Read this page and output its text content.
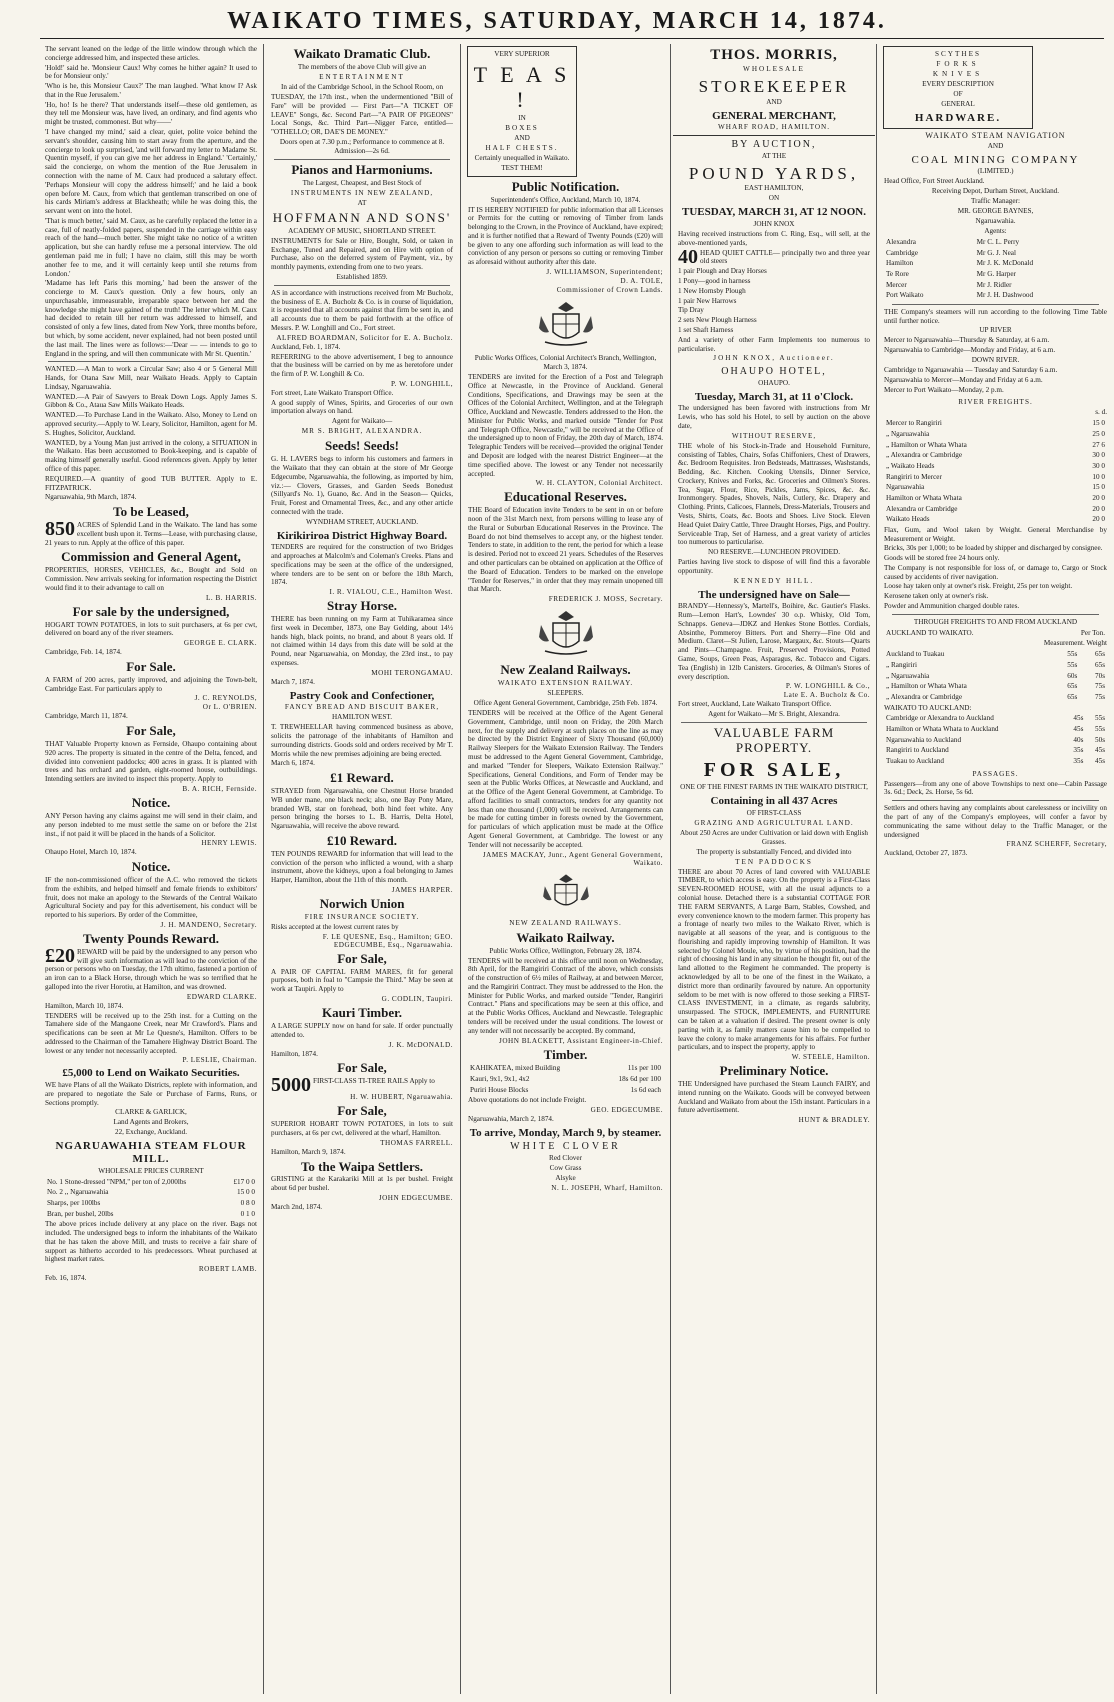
WAIKATO TIMES, SATURDAY, MARCH 14, 1874.

The servant leaned on the ledge of the little window through which the concierge addressed him, and inspected these articles.

'Hold!' said he. 'Monsieur Caux! Why comes he hither again? It used to be for Monsieur only.'

'Who is he, this Monsieur Caux?' The man laughed. 'What know I? Ask that in the Rue Jerusalem.'

'Ho, ho! Is he there? That understands itself—these old gentlemen, as they tell me Monsieur was, have lived, an ordinary, and find agents who might be trusted, commonest. But why——'

'I have changed my mind,' said a clear, quiet, polite voice behind the servant's shoulder, causing him to start away from the aperture, and the concierge to look up surprised, 'and will forward my letter to Madame St. Quentin myself, if you can give me her address in England.' 'Certainly,' said the concierge, on whom the mention of the Rue Jerusalem in connection with the name of M. Caux had produced a salutary effect. 'Perhaps Monsieur will copy the address himself;' and he laid a book open before M. Caux, from which that gentleman transcribed on one of his cards Miriam's address at Blackheath; while he was doing this, the servant went on into the hotel.

'That is much better,' said M. Caux, as he carefully replaced the letter in a case, full of neatly-folded papers, suspended in the carriage within easy reach of the hand—much better. She might take no notice of a written application, but she can hardly refuse me a personal interview. The old gentleman paid me in full; I have no claim, still this may be worth another fee to me, and it will certainly keep until she returns from London.'

'Madame has left Paris this morning,' had been the answer of the concierge to M. Caux's question. Only a few hours, only an unpurchasable, immeasurable, irreparable space between her and the knowledge she might have gained of the truth! The letter which M. Caux had decided to retain till her return was addressed to himself, and consisted of only a few lines, dated from New York, three months before, but which, by some accident, never explained, had not been posted until the last mail. The lines were as follows:—'Dear — — intends to go to England in the spring, and will then communicate with Mr St. Quentin.'

WANTED.—A Man to work a Circular Saw; also 4 or 5 General Mill Hands, for Otana Saw Mill, near Waikato Heads. Apply to Captain Lindsay, Ngaruawahia.

WANTED.—A Pair of Sawyers to Break Down Logs. Apply James S. Gibbon & Co., Ataua Saw Mills Waikato Heads.

WANTED.—To Purchase Land in the Waikato. Also, Money to Lend on approved security.—Apply to W. Leary, Solicitor, Hamilton, agent for M. S. Hughes, Solicitor, Auckland.

WANTED, by a Young Man just arrived in the colony, a SITUATION in the Waikato. Has been accustomed to Book-keeping, and is capable of making himself generally useful. Good references given. Apply by letter office of this paper.

REQUIRED.—A quantity of good TUB BUTTER. Apply to E. FITZPATRICK.

Ngaruawahia, 9th March, 1874.

To be Leased,

850 ACRES of Splendid Land in the Waikato. The land has some excellent bush upon it. Terms—Lease, with purchasing clause, 21 years to run. Apply at the office of this paper.

Commission and General Agent,

PROPERTIES, HORSES, VEHICLES, &c., Bought and Sold on Commission. New arrivals seeking for information respecting the District would find it to their advantage to call on

L. B. HARRIS.

For sale by the undersigned,

HOGART TOWN POTATOES, in lots to suit purchasers, at 6s per cwt, delivered on board any of the river steamers.

GEORGE E. CLARK.

Cambridge, Feb. 14, 1874.

For Sale.

A FARM of 200 acres, partly improved, and adjoining the Town-belt, Cambridge East. For particulars apply to

J. C. REYNOLDS,

Or L. O'BRIEN.

Cambridge, March 11, 1874.

For Sale,

THAT Valuable Property known as Fernside, Ohaupo containing about 920 acres. The property is situated in the centre of the Delta, fenced, and divided into convenient paddocks; 400 acres in grass. It is planted with trees and has orchard and garden, eight-roomed house, outbuildings. Intending settlers are invited to inspect this property. Apply to

B. A. RICH, Fernside.

Notice.

ANY Person having any claims against me will send in their claim, and any person indebted to me must settle the same on or before the 21st inst., if not paid it will be placed in the hands of a Solicitor.

HENRY LEWIS.

Ohaupo Hotel, March 10, 1874.

Notice.

IF the non-commissioned officer of the A.C. who removed the tickets from the exhibits, and helped himself and female friends to exhibitors' fruit, does not make an apology to the Stewards of the Central Waikato Agricultural Society and pay for this advertisement, his conduct will be reported to his superiors. By order of the Committee,

J. H. MANDENO, Secretary.

Twenty Pounds Reward.

£20 REWARD will be paid by the undersigned to any person who will give such information as will lead to the conviction of the person or persons who on Tuesday, the 17th ultimo, fastened a portion of an iron can to a Black Horse, through which he was so terrified that he galloped into the river Horotiu, at Hamilton, and was drowned.

EDWARD CLARKE.

Hamilton, March 10, 1874.

TENDERS will be received up to the 25th inst. for a Cutting on the Tamahere side of the Mangaone Creek, near Mr Crawford's. Plans and specifications can be seen at Mr Le Quesne's, Hamilton. Offers to be addressed to the Chairman of the Tamahere Highway District Board. The lowest or any tender not necessarily accepted.

P. LESLIE, Chairman.

£5,000 to Lend on Waikato Securities.

WE have Plans of all the Waikato Districts, replete with information, and are prepared to negotiate the Sale or Purchase of Farms, Runs, or Sections promptly.

CLARKE & GARLICK,

Land Agents and Brokers,

22, Exchange, Auckland.

NGARUAWAHIA STEAM FLOUR MILL.

WHOLESALE PRICES CURRENT

No. 1 Stone-dressed "NPM," per ton of 2,000lbs	£17 0 0
No. 2 ,, Ngaruawahia	15 0 0
Sharps, per 100lbs	0 8 0
Bran, per bushel, 20lbs	0 1 0

The above prices include delivery at any place on the river. Bags not included. The undersigned begs to inform the inhabitants of the Waikato that he has taken the above Mill, and trusts to receive a fair share of support as hitherto accorded to his predecessors. Wheat purchased at highest market rates.

ROBERT LAMB.

Feb. 16, 1874.

Waikato Dramatic Club.

The members of the above Club will give an

ENTERTAINMENT

In aid of the Cambridge School, in the School Room, on

TUESDAY, the 17th inst., when the undermentioned "Bill of Fare" will be provided — First Part—"A TICKET OF LEAVE" Songs, &c. Second Part—"A PAIR OF PIGEONS" Local Songs, &c. Third Part—Nigger Farce, entitled— "OTHELLO; OR, DAE'S DE MONEY."

Doors open at 7.30 p.m.; Performance to commence at 8. Admission—2s 6d.

Pianos and Harmoniums.

The Largest, Cheapest, and Best Stock of

INSTRUMENTS IN NEW ZEALAND,

AT

HOFFMANN AND SONS'

ACADEMY OF MUSIC, SHORTLAND STREET.

INSTRUMENTS for Sale or Hire, Bought, Sold, or taken in Exchange, Tuned and Repaired, and on Hire with option of Purchase, also on the deferred system of Payment, viz., by monthly payments, extending from one to two years.

Established 1859.

AS in accordance with instructions received from Mr Bucholz, the business of E. A. Bucholz & Co. is in course of liquidation, it is requested that all accounts against that firm be sent in, and all accounts due to them be paid forthwith at the office of Messrs. P. W. Longhill and Co., Fort street.

ALFRED BOARDMAN, Solicitor for E. A. Bucholz.

Auckland, Feb. 1, 1874.

REFERRING to the above advertisement, I beg to announce that the business will be carried on by me as heretofore under the firm of P. W. Longhill & Co.

P. W. LONGHILL,

Fort street, Late Waikato Transport Office.

A good supply of Wines, Spirits, and Groceries of our own importation always on hand.

Agent for Waikato—

MR S. BRIGHT, ALEXANDRA.

Seeds! Seeds!

G. H. LAVERS begs to inform his customers and farmers in the Waikato that they can obtain at the store of Mr George Edgecumbe, Ngaruawahia, the following, as imported by him, viz.:— Clovers, Grasses, and Garden Seeds Bonedust (Sillyard's No. 1), Guano, &c. And in the Season— Quicks, Fruit, Forest and Ornamental Trees, &c., and any other article connected with the trade.

WYNDHAM STREET, AUCKLAND.

Kirikiriroa District Highway Board.

TENDERS are required for the construction of two Bridges and approaches at Malcolm's and Coleman's Creeks. Plans and specifications may be seen at the office of the undersigned, where tenders are to be sent on or before the 18th March, 1874.

I. R. VIALOU, C.E., Hamilton West.

Stray Horse.

THERE has been running on my Farm at Tuhikaramea since first week in December, 1873, one Bay Gelding, about 14½ hands high, black points, no brand, and about 8 years old. If not claimed within 14 days from this date will be sold at the Pound, near Ngaruawahia, on Monday, the 23rd inst., to pay expenses.

MOHI TERONGAMAU.

March 7, 1874.

Pastry Cook and Confectioner,

FANCY BREAD AND BISCUIT BAKER,

HAMILTON WEST.

T. TREWHEELLAR having commenced business as above, solicits the patronage of the inhabitants of Hamilton and surrounding districts. Goods sold and orders received by Mr T. Morris while the new premises adjoining are being erected.

March 6, 1874.

£1 Reward.

STRAYED from Ngaruawahia, one Chestnut Horse branded WB under mane, one black neck; also, one Bay Pony Mare, branded WB, star on forehead, both hind feet white. Any person bringing the horses to L. B. Harris, Delta Hotel, Ngaruawahia, will receive the above reward.

£10 Reward.

TEN POUNDS REWARD for information that will lead to the conviction of the person who inflicted a wound, with a sharp instrument, above the kidneys, upon a foal belonging to James Harper, Hamilton, about the 11th of this month.

JAMES HARPER.

Norwich Union

FIRE INSURANCE SOCIETY.

Risks accepted at the lowest current rates by

F. LE QUESNE, Esq., Hamilton; GEO. EDGECUMBE, Esq., Ngaruawahia.

For Sale,

A PAIR OF CAPITAL FARM MARES, fit for general purposes, both in foal to "Campsie the Third." May be seen at work at Taupiri. Apply to

G. CODLIN, Taupiri.

Kauri Timber.

A LARGE SUPPLY now on hand for sale. If order punctually attended to.

J. K. McDONALD.

Hamilton, 1874.

For Sale,

5000 FIRST-CLASS TI-TREE RAILS Apply to

H. W. HUBERT, Ngaruawahia.

For Sale,

SUPERIOR HOBART TOWN POTATOES, in lots to suit purchasers, at 6s per cwt, delivered at the wharf, Hamilton.

THOMAS FARRELL.

Hamilton, March 9, 1874.

To the Waipa Settlers.

GRISTING at the Karakariki Mill at 1s per bushel. Freight about 6d per bushel.

JOHN EDGECUMBE.

March 2nd, 1874.

VERY SUPERIOR

T E A S !

IN

BOXES

AND

HALF CHESTS.

Certainly unequalled in Waikato.

TEST THEM!

Public Notification.

Superintendent's Office, Auckland, March 10, 1874.

IT IS HEREBY NOTIFIED for public information that all Licenses or Permits for the cutting or removing of Timber from lands belonging to the Crown, in the Province of Auckland, have expired; and it is further notified that a Reward of Twenty Pounds (£20) will be given to any one affording such information as will lead to the conviction of any person or persons so cutting or removing Timber as aforesaid without authority after this date.

J. WILLIAMSON, Superintendent;

D. A. TOLE,

Commissioner of Crown Lands.

Public Works Offices, Colonial Architect's Branch, Wellington, March 3, 1874.

TENDERS are invited for the Erection of a Post and Telegraph Office at Newcastle, in the Province of Auckland. General Conditions, Specifications, and Drawings may be seen at the Offices of the Colonial Architect, Wellington, and at the Telegraph Office, Auckland and Newcastle. Tenders addressed to the Hon. the Minister for Public Works, and marked outside "Tender for Post and Telegraph Office, Newcastle," will be received at the Office of the undersigned up to noon of Friday, the 20th day of March, 1874. Telegraphic Tenders will be received—provided the original Tender and Deposit are lodged with the nearest District Engineer—at the time specified above. The lowest or any Tender not necessarily accepted.

W. H. CLAYTON, Colonial Architect.

Educational Reserves.

THE Board of Education invite Tenders to be sent in on or before noon of the 31st March next, from persons willing to lease any of the Rural or Suburban Educational Reserves in the Province. The Board do not bind themselves to accept any, or the highest tender. Tenders to state, in addition to the rent, the period for which a lease is desired. Period not to exceed 21 years. Schedules of the Reserves and other particulars can be obtained on application at the Office of the Board of Education. Tenders to be marked on the envelope "Tender for Reserves," in order that they may remain unopened till that March.

FREDERICK J. MOSS, Secretary.

New Zealand Railways.

WAIKATO EXTENSION RAILWAY.

SLEEPERS.

Office Agent General Government, Cambridge, 25th Feb. 1874.

TENDERS will be received at the Office of the Agent General Government, Cambridge, until noon on Friday, the 20th March next, for the supply and delivery at such places on the line as may be directed by the District Engineer of Sixty Thousand (60,000) Railway Sleepers for the Waikato Extension Railway. The Tenders must be addressed to the Agent General Government, Cambridge, and marked "Tender for Sleepers, Waikato Extension Railway." Specifications, General Conditions, and Form of Tender may be seen at the Public Works Offices, at Newcastle and Auckland, and at the Office of the Agent General Government, at Cambridge. To afford facilities to small contractors, tenders for any quantity not less than one thousand (1,000) will be received. Arrangements can be made for cutting timber in forests owned by the Government, for particulars of which application must be made at the Office Agent General Government, at Cambridge. The lowest or any Tender will not necessarily be accepted.

JAMES MACKAY, Junr., Agent General Government, Waikato.

NEW ZEALAND RAILWAYS.

Waikato Railway.

Public Works Office, Wellington, February 28, 1874.

TENDERS will be received at this office until noon on Wednesday, 8th April, for the Ramgiriri Contract of the above, which consists of the construction of 6½ miles of Railway, at and between Mercer, and the Ramgiriri Contract. They must be addressed to the Hon. the Minister for Public Works, and marked outside "Tender, Rangiriri Contract." Plans and specifications may be seen at this office, and at the Public Works Offices, Auckland and Newcastle. Telegraphic tenders will be received under the usual conditions. The lowest or any tender will not necessarily be accepted. By command,

JOHN BLACKETT, Assistant Engineer-in-Chief.

Timber.
KAHIKATEA, mixed Building	11s per 100
Kauri, 9x1, 9x1, 4x2	18s 6d per 100
Puriri House Blocks	1s 6d each

Above quotations do not include Freight.

GEO. EDGECUMBE.

Ngaruawahia, March 2, 1874.

To arrive, Monday, March 9, by steamer.

WHITE CLOVER

Red Clover

Cow Grass

Alsyke

N. L. JOSEPH, Wharf, Hamilton.

THOS. MORRIS,

WHOLESALE

STOREKEEPER

AND

GENERAL MERCHANT,

WHARF ROAD, HAMILTON.

BY AUCTION,

AT THE

POUND YARDS,

EAST HAMILTON,

ON

TUESDAY, MARCH 31, AT 12 NOON.

JOHN KNOX

Having received instructions from C. Ring, Esq., will sell, at the above-mentioned yards,

40 HEAD QUIET CATTLE— principally two and three year old steers

1 pair Plough and Dray Horses

1 Pony—good in harness

1 New Hornsby Plough

1 pair New Harrows

Tip Dray

2 sets New Plough Harness

1 set Shaft Harness

And a variety of other Farm Implements too numerous to particularise.

JOHN KNOX, Auctioneer.

OHAUPO HOTEL,

OHAUPO.

Tuesday, March 31, at 11 o'Clock.

The undersigned has been favored with instructions from Mr Lewis, who has sold his Hotel, to sell by auction on the above date,

WITHOUT RESERVE,

THE whole of his Stock-in-Trade and Household Furniture, consisting of Tables, Chairs, Sofas Chiffoniers, Chest of Drawers, &c. Bedroom Requisites. Iron Bedsteads, Mattrasses, Washstands, Bedding, &c. Kitchen. Cooking Utensils, Dinner Service, Crockery, Knives and Forks, &c. Groceries and Oilmen's Stores. Tea, Sugar, Flour, Rice, Pickles, Jams, Spices, &c. &c. Ironmongery. Spades, Shovels, Nails, Cutlery, &c. Drapery and Clothing. Prints, Calicoes, Flannels, Dress-Materials, Trousers and Vests, Shirts, Coats, &c. Boots and Shoes. Live Stock. Eleven Head Quiet Dairy Cattle, Three Draught Horses, Pigs, and Poultry. Serviceable Trap, Set of Harness, and a great variety of articles too numerous to particularise.

NO RESERVE.—LUNCHEON PROVIDED.

Parties having live stock to dispose of will find this a favorable opportunity.

KENNEDY HILL.

The undersigned have on Sale—

BRANDY—Hennessy's, Martell's, Boihire, &c. Gautier's Flasks. Rum—Lemon Hart's, Lowndes' 30 o.p. Whisky, Old Tom, Schnapps. Geneva—JDKZ and Henkes Stone Bottles. Cordials, Absinthe, Pommeroy Bitters. Port and Sherry—Fine Old and Medium. Claret—St Julien, Larose, Margaux, &c. Stouts—Quarts and Pints—Champagne. Fruit, Preserved Provisions, Potted Game, Soups, Green Peas, Asparagus, &c. Tobacco and Cigars. Tea (English) in 12lb Canisters. Groceries, & Oilman's Stores of every description.

P. W. LONGHILL & Co.,

Late E. A. Bucholz & Co.

Fort street, Auckland, Late Waikato Transport Office.

Agent for Waikato—Mr S. Bright, Alexandra.

VALUABLE FARM PROPERTY.
FOR SALE,

ONE OF THE FINEST FARMS IN THE WAIKATO DISTRICT,

Containing in all 437 Acres

OF FIRST-CLASS

GRAZING AND AGRICULTURAL LAND.

About 250 Acres are under Cultivation or laid down with English Grasses.

The property is substantially Fenced, and divided into

TEN PADDOCKS

THERE are about 70 Acres of land covered with VALUABLE TIMBER, to which access is easy. On the property is a First-Class SEVEN-ROOMED HOUSE, with all the usual adjuncts to a colonial house. Detached there is a substantial COTTAGE FOR THE FARM SERVANTS, A Large Barn, Stables, Cowshed, and every convenience known to the modern farmer. This property has a frontage of nearly two miles to the Waikato River, which is navigable at all seasons of the year, and is contiguous to the flourishing and rapidly improving township of Hamilton. It was selected by Colonel Moule, who, by virtue of his position, had the right of choosing his land in any situation he thought fit, out of the land allotted to the Regiment he commanded. The property is acknowledged by all to be one of the finest in the Waikato, a district more than ordinarily favoured by nature. An opportunity seldom to be met with is now offered to those seeking a FIRST-CLASS INVESTMENT, in a climate, as regards salubrity, unsurpassed. The STOCK, IMPLEMENTS, and FURNITURE can be taken at a valuation if desired. The present owner is only parting with it, as family matters cause him to be compelled to leave the colony to make arrangements for his affairs. For further particulars, and to inspect the property, apply to

W. STEELE, Hamilton.

Preliminary Notice.

THE Undersigned have purchased the Steam Launch FAIRY, and intend running on the Waikato. Goods will be conveyed between Auckland and Waikato from about the 15th instant. Particulars in a future advertisement.

HUNT & BRADLEY.

SCYTHES

FORKS

KNIVES

EVERY DESCRIPTION

OF

GENERAL

HARDWARE.

WAIKATO STEAM NAVIGATION

AND

COAL MINING COMPANY

(LIMITED.)

Head Office, Fort Street Auckland.

Receiving Depot, Durham Street, Auckland.

Traffic Manager:

MR. GEORGE BAYNES,

Ngaruawahia.

Agents:

Alexandra	Mr C. L. Perry
Cambridge	Mr G. J. Neal
Hamilton	Mr J. K. McDonald
Te Rore	Mr G. Harper
Mercer	Mr J. Ridler
Port Waikato	Mr J. H. Dashwood

THE Company's steamers will run according to the following Time Table until further notice.

UP RIVER

Mercer to Ngaruawahia—Thursday & Saturday, at 6 a.m.

Ngaruawahia to Cambridge—Monday and Friday, at 6 a.m.

DOWN RIVER.

Cambridge to Ngaruawahia — Tuesday and Saturday 6 a.m.

Ngaruawahia to Mercer—Monday and Friday at 6 a.m.

Mercer to Port Waikato—Monday, 2 p.m.

RIVER FREIGHTS.

s. d.

Mercer to Rangiriri	15 0
„ Ngaruawahia	25 0
„ Hamilton or Whata Whata	27 6
„ Alexandra or Cambridge	30 0
„ Waikato Heads	30 0
Rangiriri to Mercer	10 0
Ngaruawahia	15 0
Hamilton or Whata Whata	20 0
Alexandra or Cambridge	20 0
Waikato Heads	20 0

Flax, Gum, and Wool taken by Weight. General Merchandise by Measurement or Weight.

Bricks, 30s per 1,000; to be loaded by shipper and discharged by consignee.

Goods will be stored free 24 hours only.

The Company is not responsible for loss of, or damage to, Cargo or Stock caused by accidents of river navigation.

Loose hay taken only at owner's risk. Freight, 25s per ton weight.

Kerosene taken only at owner's risk.

Powder and Ammunition charged double rates.

THROUGH FREIGHTS TO AND FROM AUCKLAND

AUCKLAND TO WAIKATO.	Per Ton.

Measurement. Weight

Auckland to Tuakau	55s	65s
„ Rangiriri	55s	65s
„ Ngaruawahia	60s	70s
„ Hamilton or Whata Whata	65s	75s
„ Alexandra or Cambridge	65s	75s

WAIKATO TO AUCKLAND:

Cambridge or Alexandra to Auckland	45s	55s
Hamilton or Whata Whata to Auckland	45s	55s
Ngaruawahia to Auckland	40s	50s
Rangiriri to Auckland	35s	45s
Tuakau to Auckland	35s	45s

PASSAGES.

Passengers—from any one of above Townships to next one—Cabin Passage 3s. 6d.; Deck, 2s. Horse, 5s 6d.

Settlers and others having any complaints about carelessness or incivility on the part of any of the Company's employees, will confer a favor by communicating the same without delay to the Traffic Manager, or the undersigned

FRANZ SCHERFF, Secretary,

Auckland, October 27, 1873.
